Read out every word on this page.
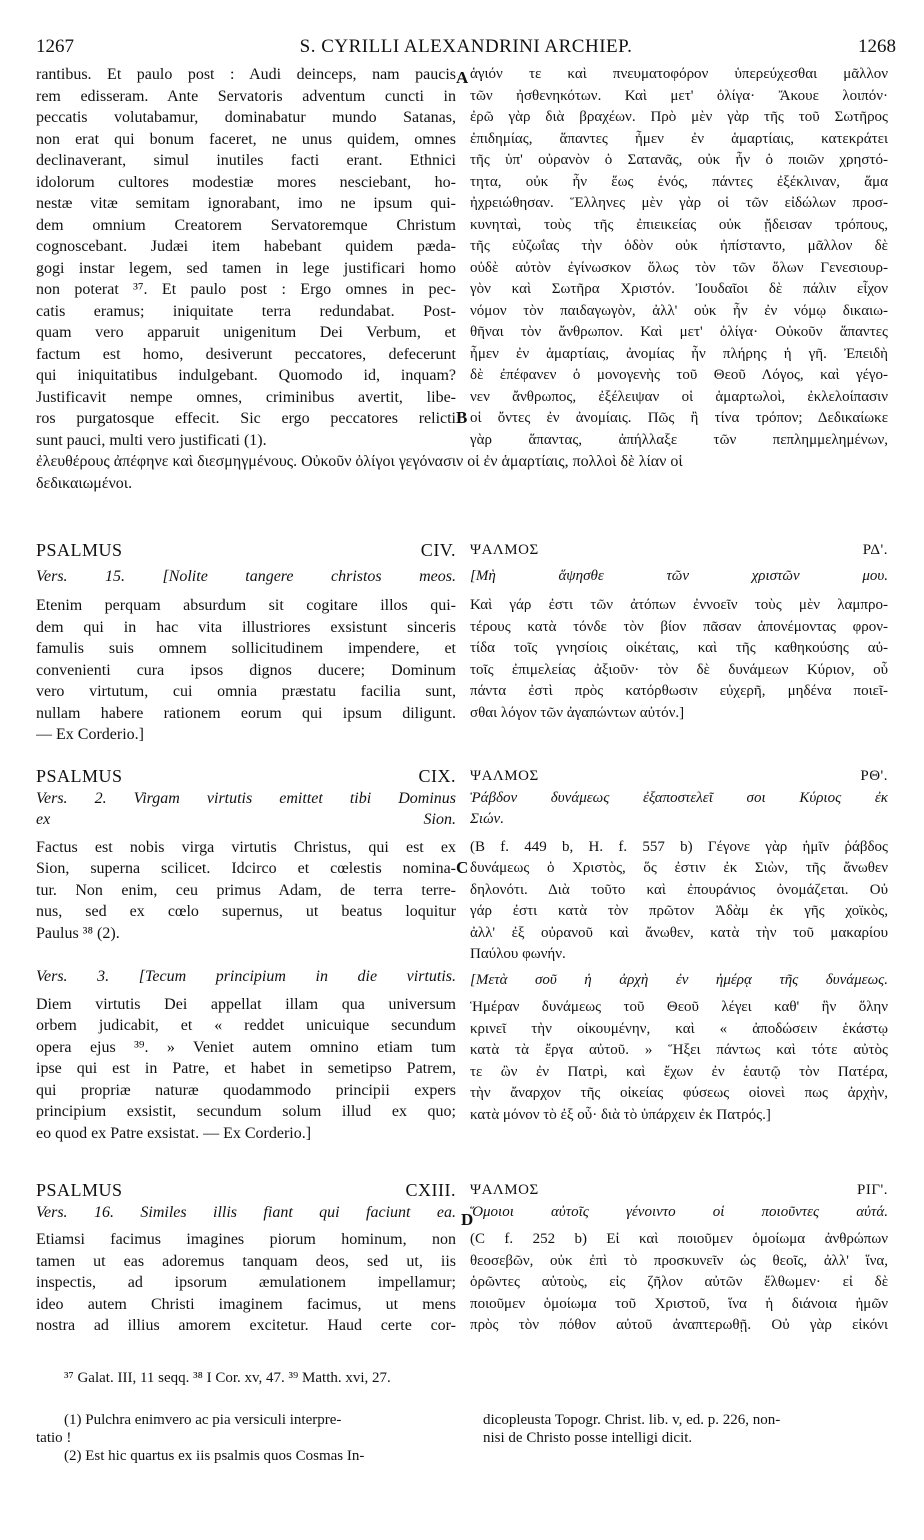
1267	S. CYRILLI ALEXANDRINI ARCHIEP.	1268
rantibus. Et paulo post : Audi deinceps, nam paucis
rem edisseram. Ante Servatoris adventum cuncti in
peccatis volutabamur, dominabatur mundo Satanas,
non erat qui bonum faceret, ne unus quidem, omnes
declinaverant, simul inutiles facti erant. Ethnici
idolorum cultores modestiæ mores nesciebant, ho-
nestæ vitæ semitam ignorabant, imo ne ipsum qui-
dem omnium Creatorem Servatoremque Christum
cognoscebant. Judæi item habebant quidem pæda-
gogi instar legem, sed tamen in lege justificari homo
non poterat ³⁷. Et paulo post : Ergo omnes in pec-
catis eramus; iniquitate terra redundabat. Post-
quam vero apparuit unigenitum Dei Verbum, et
factum est homo, desiverunt peccatores, defecerunt
qui iniquitatibus indulgebant. Quomodo id, inquam?
Justificavit nempe omnes, criminibus avertit, libe-
ros purgatosque effecit. Sic ergo peccatores relicti
sunt pauci, multi vero justificati (1).
ἁγιόν τε καὶ πνευματοφόρον ὑπερεύχεσθαι μᾶλλον
τῶν ἠσθενηκότων. Καὶ μετ' ὀλίγα· Ἄκουε λοιπόν·
ἐρῶ γὰρ διὰ βραχέων. Πρὸ μὲν γὰρ τῆς τοῦ Σωτῆρος
ἐπιδημίας, ἅπαντες ἦμεν ἐν ἁμαρτίαις, κατεκράτει
τῆς ὑπ' οὐρανὸν ὁ Σατανᾶς, οὐκ ἦν ὁ ποιῶν χρηστό-
τητα, οὐκ ἦν ἕως ἑνός, πάντες ἐξέκλιναν, ἅμα
ἠχρειώθησαν. Ἕλληνες μὲν γὰρ οἱ τῶν εἰδώλων προσ-
κυνηταὶ, τοὺς τῆς ἐπιεικείας οὐκ ᾔδεισαν τρόπους,
τῆς εὐζωΐας τὴν ὁδὸν οὐκ ἠπίσταντο, μᾶλλον δὲ
οὐδὲ αὐτὸν ἐγίνωσκον ὅλως τὸν τῶν ὅλων Γενεσιουρ-
γὸν καὶ Σωτῆρα Χριστόν. Ἰουδαῖοι δὲ πάλιν εἶχον
νόμον τὸν παιδαγωγὸν, ἀλλ' οὐκ ἦν ἐν νόμῳ δικαιω-
θῆναι τὸν ἄνθρωπον. Καὶ μετ' ὀλίγα· Οὐκοῦν ἅπαντες
ἦμεν ἐν ἁμαρτίαις, ἀνομίας ἦν πλήρης ἡ γῆ. Ἐπειδὴ
δὲ ἐπέφανεν ὁ μονογενὴς τοῦ Θεοῦ Λόγος, καὶ γέγο-
νεν ἄνθρωπος, ἐξέλειψαν οἱ ἁμαρτωλοὶ, ἐκλελοίπασιν
οἱ ὄντες ἐν ἀνομίαις. Πῶς ἢ τίνα τρόπον; Δεδικαίωκε
γὰρ ἅπαντας, ἀπήλλαξε τῶν πεπλημμελημένων,
A
B
ἐλευθέρους ἀπέφηνε καὶ διεσμηγμένους. Οὐκοῦν ὀλίγοι γεγόνασιν οἱ ἐν ἁμαρτίαις, πολλοὶ δὲ λίαν οἱ
δεδικαιωμένοι.
PSALMUS CIV.
Vers. 15. [Nolite tangere christos meos.
Etenim perquam absurdum sit cogitare illos qui-
dem qui in hac vita illustriores exsistunt sinceris
famulis suis omnem sollicitudinem impendere, et
convenienti cura ipsos dignos ducere; Dominum
vero virtutum, cui omnia præstatu facilia sunt,
nullam habere rationem eorum qui ipsum diligunt.
— Ex Corderio.]
ΨΑΛΜΟΣ ΡΔ'.
[Μὴ ἅψησθε τῶν χριστῶν μου.
Καὶ γάρ ἐστι τῶν ἀτόπων ἐννοεῖν τοὺς μὲν λαμπρο-
τέρους κατὰ τόνδε τὸν βίον πᾶσαν ἀπονέμοντας φρον-
τίδα τοῖς γνησίοις οἰκέταις, καὶ τῆς καθηκούσης αὐ-
τοῖς ἐπιμελείας ἀξιοῦν· τὸν δὲ δυνάμεων Κύριον, οὗ
πάντα ἐστὶ πρὸς κατόρθωσιν εὐχερῆ, μηδένα ποιεῖ-
σθαι λόγον τῶν ἀγαπώντων αὐτόν.]
PSALMUS CIX.
Vers. 2. Virgam virtutis emittet tibi Dominus
ex Sion.
Factus est nobis virga virtutis Christus, qui est ex
Sion, superna scilicet. Idcirco et cœlestis nomina-
tur. Non enim, ceu primus Adam, de terra terre-
nus, sed ex cœlo supernus, ut beatus loquitur
Paulus ³⁸ (2).
Vers. 3. [Tecum principium in die virtutis.
Diem virtutis Dei appellat illam qua universum
orbem judicabit, et « reddet unicuique secundum
opera ejus ³⁹. » Veniet autem omnino etiam tum
ipse qui est in Patre, et habet in semetipso Patrem,
qui propriæ naturæ quodammodo principii expers
principium exsistit, secundum solum illud ex quo;
eo quod ex Patre exsistat. — Ex Corderio.]
ΨΑΛΜΟΣ ΡΘ'.
Ῥάβδον δυνάμεως ἐξαποστελεῖ σοι Κύριος ἐκ
Σιών.
(B f. 449 b, H. f. 557 b) Γέγονε γὰρ ἡμῖν ῥάβδος
δυνάμεως ὁ Χριστὸς, ὅς ἐστιν ἐκ Σιὼν, τῆς ἄνωθεν
δηλονότι. Διὰ τοῦτο καὶ ἐπουράνιος ὀνομάζεται. Οὐ
γάρ ἐστι κατὰ τὸν πρῶτον Ἀδὰμ ἐκ γῆς χοϊκὸς,
ἀλλ' ἐξ οὐρανοῦ καὶ ἄνωθεν, κατὰ τὴν τοῦ μακαρίου
Παύλου φωνήν.
[Μετὰ σοῦ ἡ ἀρχὴ ἐν ἡμέρᾳ τῆς δυνάμεως.
Ἡμέραν δυνάμεως τοῦ Θεοῦ λέγει καθ' ἣν ὅλην
κρινεῖ τὴν οἰκουμένην, καὶ « ἀποδώσειν ἑκάστῳ
κατὰ τὰ ἔργα αὐτοῦ. » Ἥξει πάντως καὶ τότε αὐτὸς
τε ὢν ἐν Πατρὶ, καὶ ἔχων ἐν ἑαυτῷ τὸν Πατέρα,
τὴν ἄναρχον τῆς οἰκείας φύσεως οἱονεὶ πως ἀρχὴν,
κατὰ μόνον τὸ ἐξ οὗ· διὰ τὸ ὑπάρχειν ἐκ Πατρός.]
C
PSALMUS CXIII.
Vers. 16. Similes illis fiant qui faciunt ea.
Etiamsi facimus imagines piorum hominum, non
tamen ut eas adoremus tanquam deos, sed ut, iis
inspectis, ad ipsorum æmulationem impellamur;
ideo autem Christi imaginem facimus, ut mens
nostra ad illius amorem excitetur. Haud certe cor-
ΨΑΛΜΟΣ ΡΙΓ'.
Ὅμοιοι αὐτοῖς γένοιντο οἱ ποιοῦντες αὐτά.
(C f. 252 b) Εἰ καὶ ποιοῦμεν ὁμοίωμα ἀνθρώπων
θεοσεβῶν, οὐκ ἐπὶ τὸ προσκυνεῖν ὡς θεοῖς, ἀλλ' ἵνα,
ὁρῶντες αὐτοὺς, εἰς ζῆλον αὐτῶν ἔλθωμεν· εἰ δὲ
ποιοῦμεν ὁμοίωμα τοῦ Χριστοῦ, ἵνα ἡ διάνοια ἡμῶν
πρὸς τὸν πόθον αὐτοῦ ἀναπτερωθῇ. Οὐ γὰρ εἰκόνι
D
³⁷ Galat. III, 11 seqq. ³⁸ I Cor. xv, 47. ³⁹ Matth. xvi, 27.
(1) Pulchra enimvero ac pia versiculi interpre-
tatio !
(2) Est hic quartus ex iis psalmis quos Cosmas In-
dicopleusta Topogr. Christ. lib. v, ed. p. 226, non-
nisi de Christo posse intelligi dicit.
